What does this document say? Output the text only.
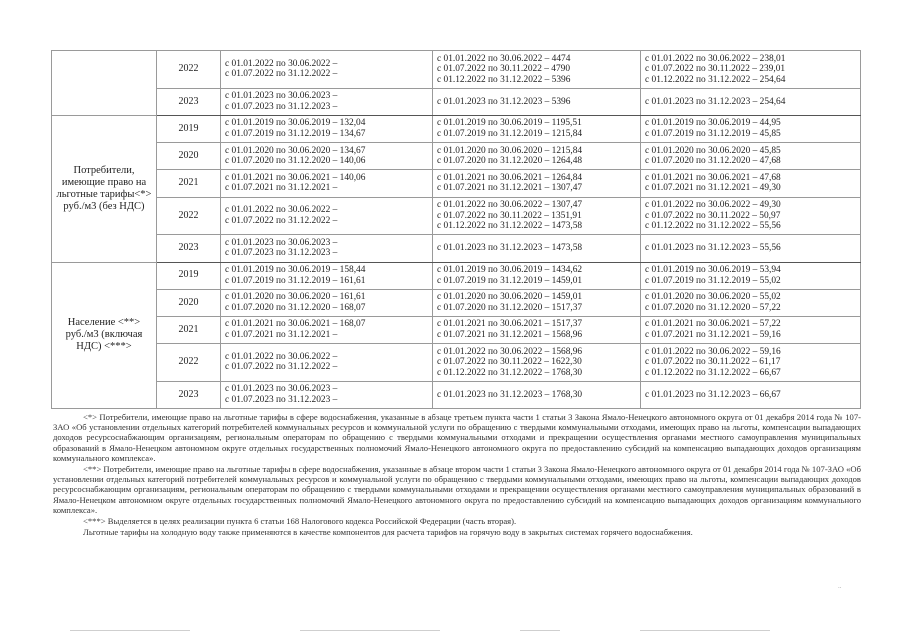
	2022	с 01.01.2022 по 30.06.2022 –
с 01.07.2022 по 31.12.2022 –	с 01.01.2022 по 30.06.2022 – 4474
с 01.07.2022 по 30.11.2022 – 4790
с 01.12.2022 по 31.12.2022 – 5396	с 01.01.2022 по 30.06.2022 – 238,01
с 01.07.2022 по 30.11.2022 – 239,01
с 01.12.2022 по 31.12.2022 – 254,64

	2023	с 01.01.2023 по 30.06.2023 –
с 01.07.2023 по 31.12.2023 –	с 01.01.2023 по 31.12.2023 – 5396	с 01.01.2023 по 31.12.2023 – 254,64

Потребители, имеющие право на льготные тарифы<*> руб./м3 (без НДС)	2019	с 01.01.2019 по 30.06.2019 – 132,04
с 01.07.2019 по 31.12.2019 – 134,67	с 01.01.2019 по 30.06.2019 – 1195,51
с 01.07.2019 по 31.12.2019 – 1215,84	с 01.01.2019 по 30.06.2019 – 44,95
с 01.07.2019 по 31.12.2019 – 45,85

	2020	с 01.01.2020 по 30.06.2020 – 134,67
с 01.07.2020 по 31.12.2020 – 140,06	с 01.01.2020 по 30.06.2020 – 1215,84
с 01.07.2020 по 31.12.2020 – 1264,48	с 01.01.2020 по 30.06.2020 – 45,85
с 01.07.2020 по 31.12.2020 – 47,68

	2021	с 01.01.2021 по 30.06.2021 – 140,06
с 01.07.2021 по 31.12.2021 –	с 01.01.2021 по 30.06.2021 – 1264,84
с 01.07.2021 по 31.12.2021 – 1307,47	с 01.01.2021 по 30.06.2021 – 47,68
с 01.07.2021 по 31.12.2021 – 49,30

	2022	с 01.01.2022 по 30.06.2022 –
с 01.07.2022 по 31.12.2022 –	с 01.01.2022 по 30.06.2022 – 1307,47
с 01.07.2022 по 30.11.2022 – 1351,91
с 01.12.2022 по 31.12.2022 – 1473,58	с 01.01.2022 по 30.06.2022 – 49,30
с 01.07.2022 по 30.11.2022 – 50,97
с 01.12.2022 по 31.12.2022 – 55,56

	2023	с 01.01.2023 по 30.06.2023 –
с 01.07.2023 по 31.12.2023 –	с 01.01.2023 по 31.12.2023 – 1473,58	с 01.01.2023 по 31.12.2023 – 55,56

Население <**> руб./м3 (включая НДС) <***>	2019	с 01.01.2019 по 30.06.2019 – 158,44
с 01.07.2019 по 31.12.2019 – 161,61	с 01.01.2019 по 30.06.2019 – 1434,62
с 01.07.2019 по 31.12.2019 – 1459,01	с 01.01.2019 по 30.06.2019 – 53,94
с 01.07.2019 по 31.12.2019 – 55,02

	2020	с 01.01.2020 по 30.06.2020 – 161,61
с 01.07.2020 по 31.12.2020 – 168,07	с 01.01.2020 по 30.06.2020 – 1459,01
с 01.07.2020 по 31.12.2020 – 1517,37	с 01.01.2020 по 30.06.2020 – 55,02
с 01.07.2020 по 31.12.2020 – 57,22

	2021	с 01.01.2021 по 30.06.2021 – 168,07
с 01.07.2021 по 31.12.2021 –	с 01.01.2021 по 30.06.2021 – 1517,37
с 01.07.2021 по 31.12.2021 – 1568,96	с 01.01.2021 по 30.06.2021 – 57,22
с 01.07.2021 по 31.12.2021 – 59,16

	2022	с 01.01.2022 по 30.06.2022 –
с 01.07.2022 по 31.12.2022 –	с 01.01.2022 по 30.06.2022 – 1568,96
с 01.07.2022 по 30.11.2022 – 1622,30
с 01.12.2022 по 31.12.2022 – 1768,30	с 01.01.2022 по 30.06.2022 – 59,16
с 01.07.2022 по 30.11.2022 – 61,17
с 01.12.2022 по 31.12.2022 – 66,67

	2023	с 01.01.2023 по 30.06.2023 –
с 01.07.2023 по 31.12.2023 –	с 01.01.2023 по 31.12.2023 – 1768,30	с 01.01.2023 по 31.12.2023 – 66,67

<*> Потребители, имеющие право на льготные тарифы в сфере водоснабжения, указанные в абзаце третьем пункта части 1 статьи 3 Закона Ямало-Ненецкого автономного округа от 01 декабря 2014 года № 107-ЗАО «Об установлении отдельных категорий потребителей коммунальных ресурсов и коммунальной услуги по обращению с твердыми коммунальными отходами, имеющих право на льготы, компенсации выпадающих доходов ресурсоснабжающим организациям, региональным операторам по обращению с твердыми коммунальными отходами и прекращении осуществления органами местного самоуправления муниципальных образований в Ямало-Ненецком автономном округе отдельных государственных полномочий Ямало-Ненецкого автономного округа по предоставлению субсидий на компенсацию выпадающих доходов организациям коммунального комплекса».

<**> Потребители, имеющие право на льготные тарифы в сфере водоснабжения, указанные в абзаце втором части 1 статьи 3 Закона Ямало-Ненецкого автономного округа от 01 декабря 2014 года № 107-ЗАО «Об установлении отдельных категорий потребителей коммунальных ресурсов и коммунальной услуги по обращению с твердыми коммунальными отходами, имеющих право на льготы, компенсации выпадающих доходов ресурсоснабжающим организациям, региональным операторам по обращению с твердыми коммунальными отходами и прекращении осуществления органами местного самоуправления муниципальных образований в Ямало-Ненецком автономном округе отдельных государственных полномочий Ямало-Ненецкого автономного округа по предоставлению субсидий на компенсацию выпадающих доходов организациям коммунального комплекса».

<***> Выделяется в целях реализации пункта 6 статьи 168 Налогового кодекса Российской Федерации (часть вторая).

Льготные тарифы на холодную воду также применяются в качестве компонентов для расчета тарифов на горячую воду в закрытых системах горячего водоснабжения.

..
